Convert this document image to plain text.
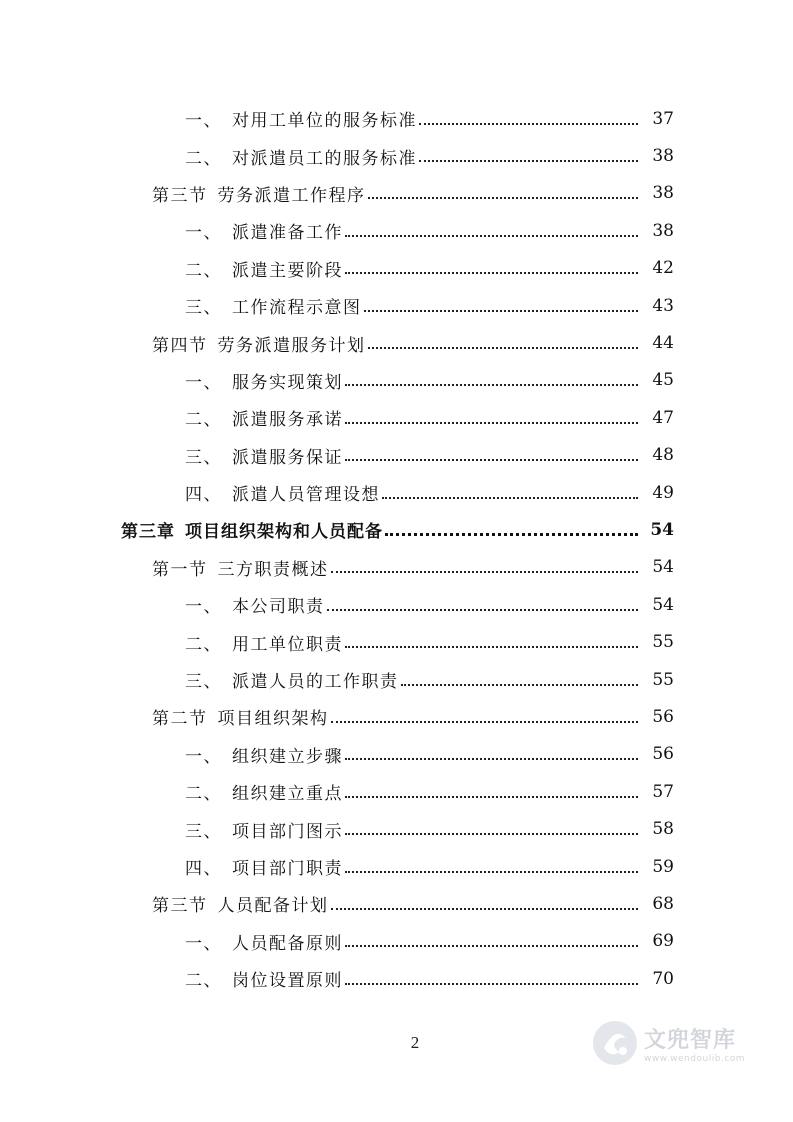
一、 对用工单位的服务标准	37
二、 对派遣员工的服务标准	38
第三节 劳务派遣工作程序	38
一、 派遣准备工作	38
二、 派遣主要阶段	42
三、 工作流程示意图	43
第四节 劳务派遣服务计划	44
一、 服务实现策划	45
二、 派遣服务承诺	47
三、 派遣服务保证	48
四、 派遣人员管理设想	49
第三章 项目组织架构和人员配备	54
第一节 三方职责概述	54
一、 本公司职责	54
二、 用工单位职责	55
三、 派遣人员的工作职责	55
第二节 项目组织架构	56
一、 组织建立步骤	56
二、 组织建立重点	57
三、 项目部门图示	58
四、 项目部门职责	59
第三节 人员配备计划	68
一、 人员配备原则	69
二、 岗位设置原则	70
2	文兜智库
www.wendoulib.com
